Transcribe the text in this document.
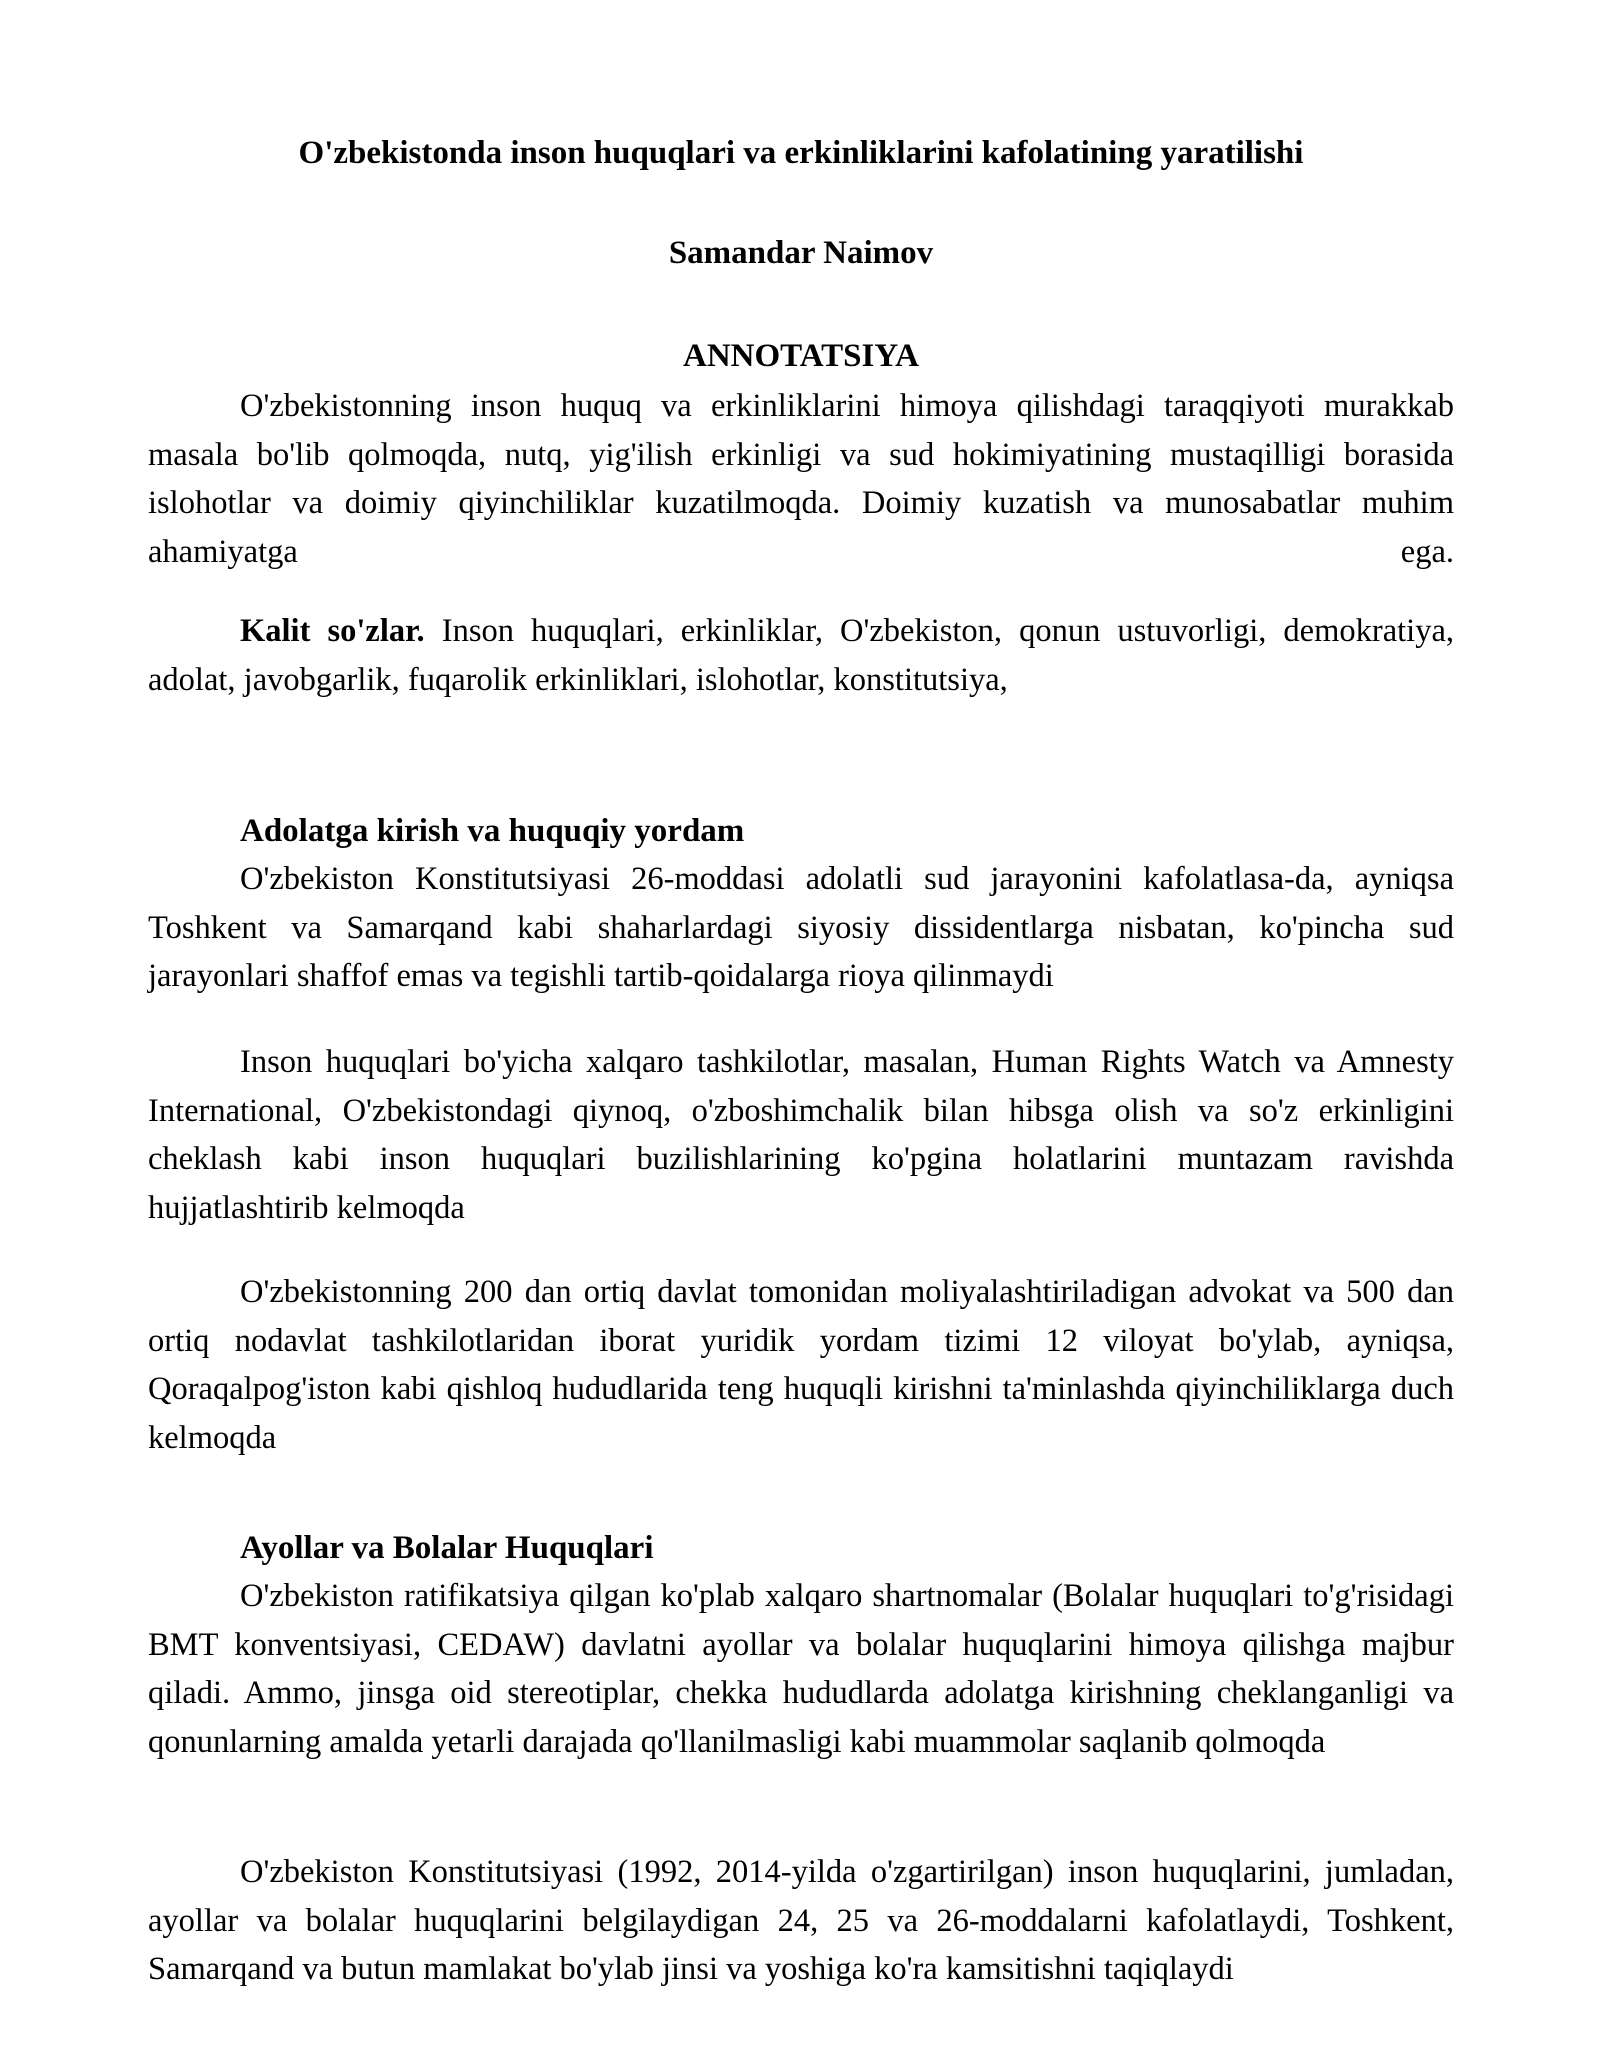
O'zbekistonda inson huquqlari va erkinliklarini kafolatining yaratilishi
Samandar Naimov
ANNOTATSIYA

O'zbekistonning inson huquq va erkinliklarini himoya qilishdagi taraqqiyoti murakkab masala bo'lib qolmoqda, nutq, yig'ilish erkinligi va sud hokimiyatining mustaqilligi borasida islohotlar va doimiy qiyinchiliklar kuzatilmoqda. Doimiy kuzatish va munosabatlar muhim ahamiyatga ega.

Kalit so'zlar. Inson huquqlari, erkinliklar, O'zbekiston, qonun ustuvorligi, demokratiya, adolat, javobgarlik, fuqarolik erkinliklari, islohotlar, konstitutsiya,

Adolatga kirish va huquqiy yordam

O'zbekiston Konstitutsiyasi 26-moddasi adolatli sud jarayonini kafolatlasa-da, ayniqsa Toshkent va Samarqand kabi shaharlardagi siyosiy dissidentlarga nisbatan, ko'pincha sud jarayonlari shaffof emas va tegishli tartib-qoidalarga rioya qilinmaydi

Inson huquqlari bo'yicha xalqaro tashkilotlar, masalan, Human Rights Watch va Amnesty International, O'zbekistondagi qiynoq, o'zboshimchalik bilan hibsga olish va so'z erkinligini cheklash kabi inson huquqlari buzilishlarining ko'pgina holatlarini muntazam ravishda hujjatlashtirib kelmoqda

O'zbekistonning 200 dan ortiq davlat tomonidan moliyalashtiriladigan advokat va 500 dan ortiq nodavlat tashkilotlaridan iborat yuridik yordam tizimi 12 viloyat bo'ylab, ayniqsa, Qoraqalpog'iston kabi qishloq hududlarida teng huquqli kirishni ta'minlashda qiyinchiliklarga duch kelmoqda

Ayollar va Bolalar Huquqlari

O'zbekiston ratifikatsiya qilgan ko'plab xalqaro shartnomalar (Bolalar huquqlari to'g'risidagi BMT konventsiyasi, CEDAW) davlatni ayollar va bolalar huquqlarini himoya qilishga majbur qiladi. Ammo, jinsga oid stereotiplar, chekka hududlarda adolatga kirishning cheklanganligi va qonunlarning amalda yetarli darajada qo'llanilmasligi kabi muammolar saqlanib qolmoqda

O'zbekiston Konstitutsiyasi (1992, 2014-yilda o'zgartirilgan) inson huquqlarini, jumladan, ayollar va bolalar huquqlarini belgilaydigan 24, 25 va 26-moddalarni kafolatlaydi, Toshkent, Samarqand va butun mamlakat bo'ylab jinsi va yoshiga ko'ra kamsitishni taqiqlaydi
